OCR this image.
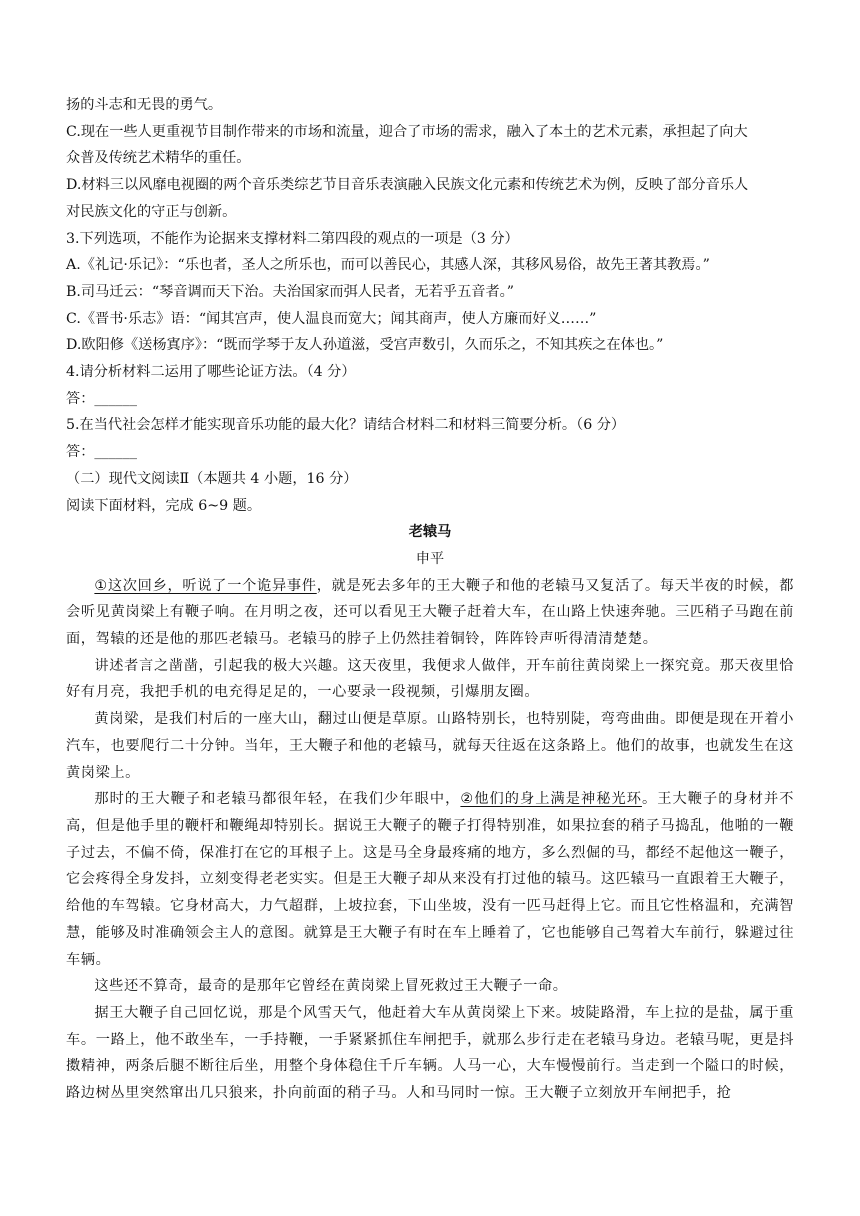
扬的斗志和无畏的勇气。

C.现在一些人更重视节目制作带来的市场和流量，迎合了市场的需求，融入了本土的艺术元素，承担起了向大

众普及传统艺术精华的重任。

D.材料三以风靡电视圈的两个音乐类综艺节目音乐表演融入民族文化元素和传统艺术为例，反映了部分音乐人

对民族文化的守正与创新。

3.下列选项，不能作为论据来支撑材料二第四段的观点的一项是（3 分）

A.《礼记·乐记》：“乐也者，圣人之所乐也，而可以善民心，其感人深，其移风易俗，故先王著其教焉。”

B.司马迁云：“琴音调而天下治。夫治国家而弭人民者，无若乎五音者。”

C.《晋书·乐志》语：“闻其宫声，使人温良而宽大；闻其商声，使人方廉而好义……”

D.欧阳修《送杨寘序》：“既而学琴于友人孙道滋，受宫声数引，久而乐之，不知其疾之在体也。”

4.请分析材料二运用了哪些论证方法。（4 分）

答：______

5.在当代社会怎样才能实现音乐功能的最大化？请结合材料二和材料三简要分析。（6 分）

答：______

（二）现代文阅读Ⅱ（本题共 4 小题，16 分）

阅读下面材料，完成 6~9 题。

老辕马

申平

①这次回乡，听说了一个诡异事件，就是死去多年的王大鞭子和他的老辕马又复活了。每天半夜的时候，都会听见黄岗梁上有鞭子响。在月明之夜，还可以看见王大鞭子赶着大车，在山路上快速奔驰。三匹稍子马跑在前面，驾辕的还是他的那匹老辕马。老辕马的脖子上仍然挂着铜铃，阵阵铃声听得清清楚楚。

讲述者言之凿凿，引起我的极大兴趣。这天夜里，我便求人做伴，开车前往黄岗梁上一探究竟。那天夜里恰好有月亮，我把手机的电充得足足的，一心要录一段视频，引爆朋友圈。

黄岗梁，是我们村后的一座大山，翻过山便是草原。山路特别长，也特别陡，弯弯曲曲。即便是现在开着小汽车，也要爬行二十分钟。当年，王大鞭子和他的老辕马，就每天往返在这条路上。他们的故事，也就发生在这黄岗梁上。

那时的王大鞭子和老辕马都很年轻，在我们少年眼中，②他们的身上满是神秘光环。王大鞭子的身材并不高，但是他手里的鞭杆和鞭绳却特别长。据说王大鞭子的鞭子打得特别准，如果拉套的稍子马捣乱，他啪的一鞭子过去，不偏不倚，保准打在它的耳根子上。这是马全身最疼痛的地方，多么烈倔的马，都经不起他这一鞭子，它会疼得全身发抖，立刻变得老老实实。但是王大鞭子却从来没有打过他的辕马。这匹辕马一直跟着王大鞭子，给他的车驾辕。它身材高大，力气超群，上坡拉套，下山坐坡，没有一匹马赶得上它。而且它性格温和，充满智慧，能够及时准确领会主人的意图。就算是王大鞭子有时在车上睡着了，它也能够自己驾着大车前行，躲避过往车辆。

这些还不算奇，最奇的是那年它曾经在黄岗梁上冒死救过王大鞭子一命。

据王大鞭子自己回忆说，那是个风雪天气，他赶着大车从黄岗梁上下来。坡陡路滑，车上拉的是盐，属于重车。一路上，他不敢坐车，一手持鞭，一手紧紧抓住车闸把手，就那么步行走在老辕马身边。老辕马呢，更是抖擞精神，两条后腿不断往后坐，用整个身体稳住千斤车辆。人马一心，大车慢慢前行。当走到一个隘口的时候，路边树丛里突然窜出几只狼来，扑向前面的稍子马。人和马同时一惊。王大鞭子立刻放开车闸把手，抢
